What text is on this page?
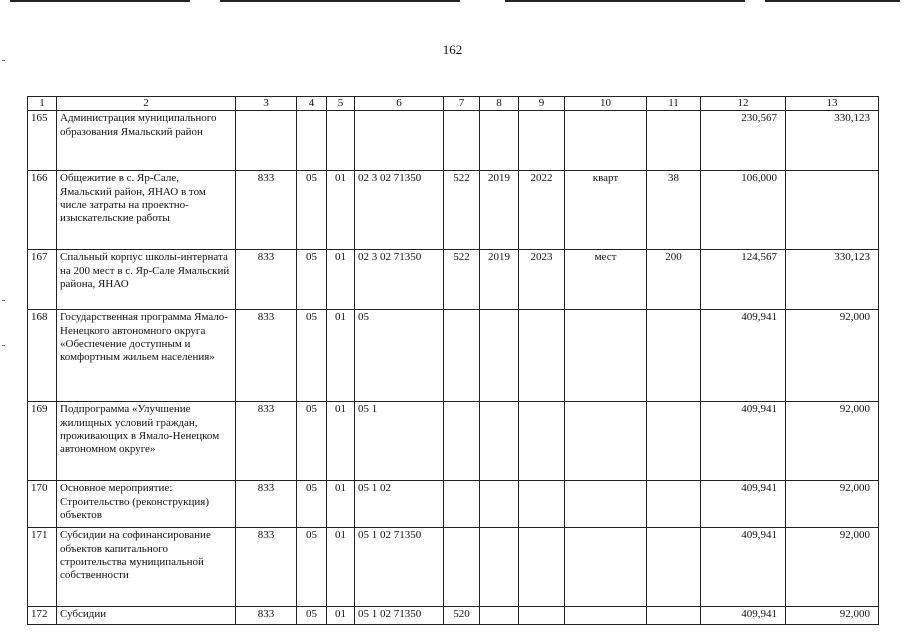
162
1	2	3	4	5	6	7	8	9	10	11	12	13
165	Администрация муниципального образования Ямальский район										230,567	330,123
166	Общежитие в с. Яр-Сале, Ямальский район, ЯНАО в том числе затраты на проектно-изыскательские работы	833	05	01	02 3 02 71350	522	2019	2022	кварт	38	106,000	
167	Спальный корпус школы-интерната на 200 мест в с. Яр-Сале Ямальский района, ЯНАО	833	05	01	02 3 02 71350	522	2019	2023	мест	200	124,567	330,123
168	Государственная программа Ямало-Ненецкого автономного округа «Обеспечение доступным и комфортным жильем населения»	833	05	01	05						409,941	92,000
169	Подпрограмма «Улучшение жилищных условий граждан, проживающих в Ямало-Ненецком автономном округе»	833	05	01	05 1						409,941	92,000
170	Основное мероприятие: Строительство (реконструкция) объектов	833	05	01	05 1 02						409,941	92,000
171	Субсидии на софинансирование объектов капитального строительства муниципальной собственности	833	05	01	05 1 02 71350						409,941	92,000
172	Субсидии	833	05	01	05 1 02 71350	520					409,941	92,000
